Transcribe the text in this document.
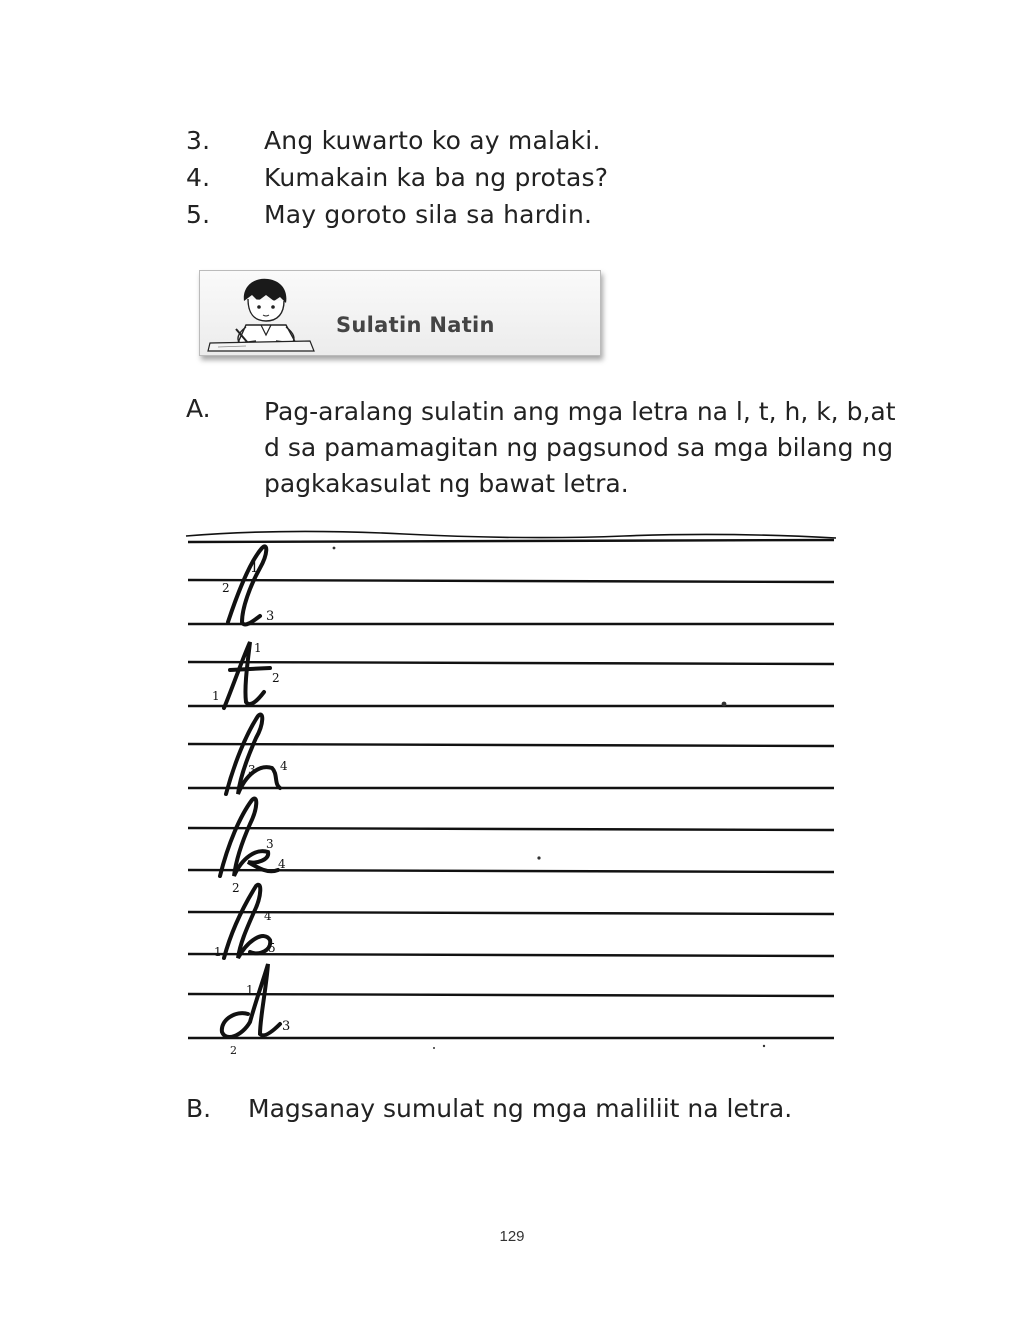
3.	Ang kuwarto ko ay malaki.
4.	Kumakain ka ba ng protas?
5.	May goroto sila sa hardin.
Sulatin Natin
A.	Pag-aralang sulatin ang mga letra na l, t, h, k, b,at d sa pamamagitan ng pagsunod sa mga bilang ng pagkakasulat ng bawat letra.
1
2
3
1
2
1
3 4
3
4
2
4
5
1
1
3
2
B.	Magsanay sumulat ng mga maliliit na letra.
129
